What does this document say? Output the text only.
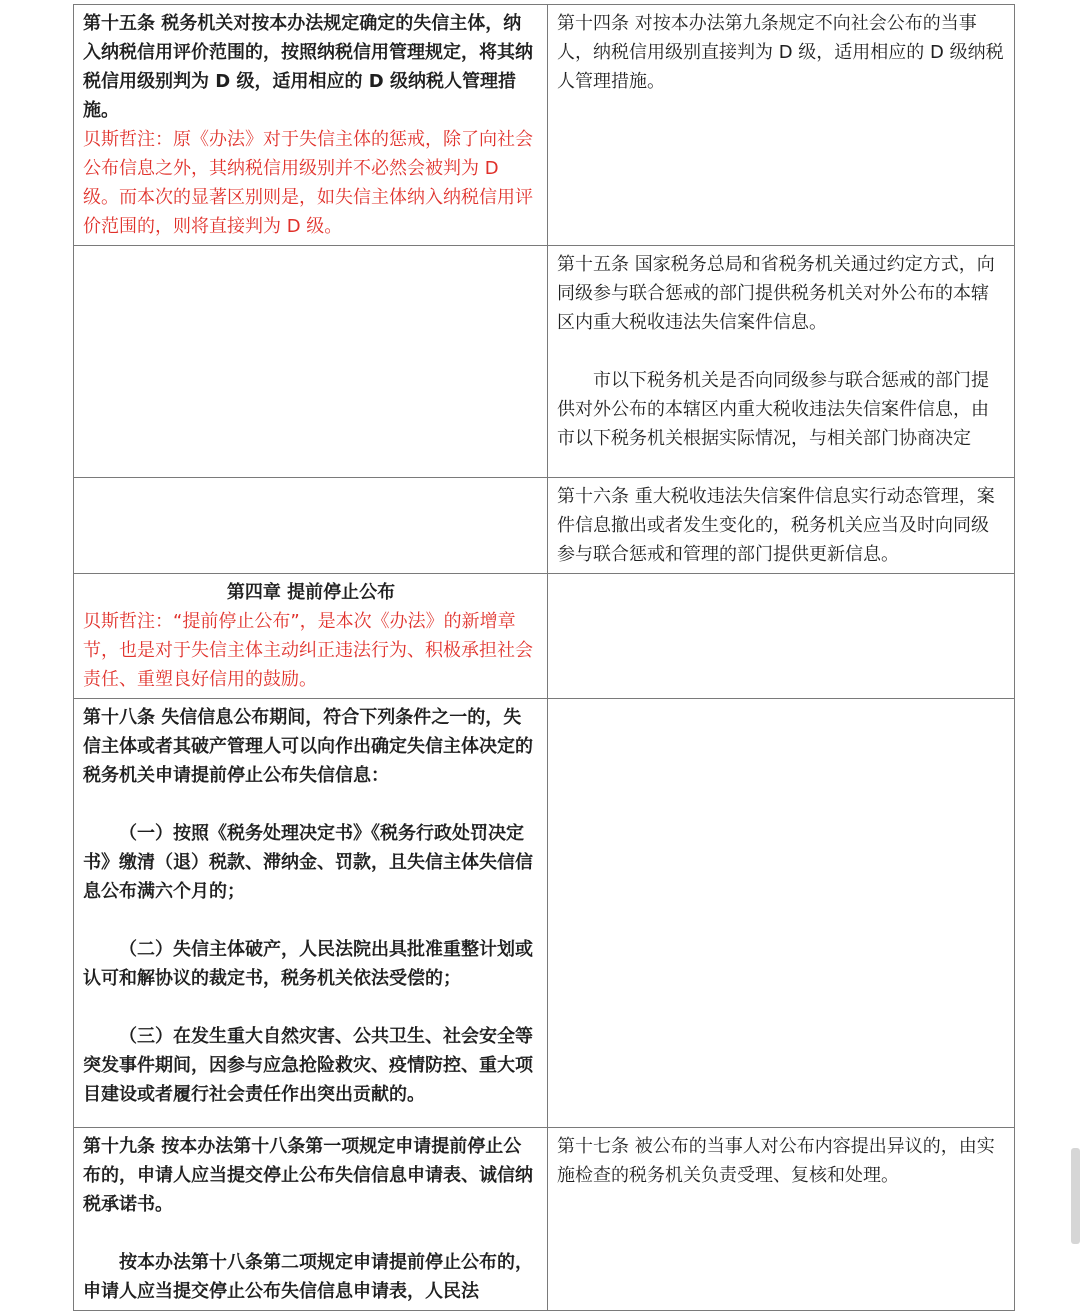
第十五条 税务机关对按本办法规定确定的失信主体，纳入纳税信用评价范围的，按照纳税信用管理规定，将其纳税信用级别判为 D 级，适用相应的 D 级纳税人管理措施。

贝斯哲注：原《办法》对于失信主体的惩戒，除了向社会公布信息之外，其纳税信用级别并不必然会被判为 D 级。而本次的显著区别则是，如失信主体纳入纳税信用评价范围的，则将直接判为 D 级。	第十四条 对按本办法第九条规定不向社会公布的当事人，纳税信用级别直接判为 D 级，适用相应的 D 级纳税人管理措施。

	第十五条 国家税务总局和省税务机关通过约定方式，向同级参与联合惩戒的部门提供税务机关对外公布的本辖区内重大税收违法失信案件信息。

市以下税务机关是否向同级参与联合惩戒的部门提供对外公布的本辖区内重大税收违法失信案件信息，由市以下税务机关根据实际情况，与相关部门协商决定

	第十六条 重大税收违法失信案件信息实行动态管理，案件信息撤出或者发生变化的，税务机关应当及时向同级参与联合惩戒和管理的部门提供更新信息。

第四章 提前停止公布

贝斯哲注：“提前停止公布”，是本次《办法》的新增章节，也是对于失信主体主动纠正违法行为、积极承担社会责任、重塑良好信用的鼓励。	

第十八条 失信信息公布期间，符合下列条件之一的，失信主体或者其破产管理人可以向作出确定失信主体决定的税务机关申请提前停止公布失信信息：

（一）按照《税务处理决定书》《税务行政处罚决定书》缴清（退）税款、滞纳金、罚款，且失信主体失信信息公布满六个月的；

（二）失信主体破产，人民法院出具批准重整计划或认可和解协议的裁定书，税务机关依法受偿的；

（三）在发生重大自然灾害、公共卫生、社会安全等突发事件期间，因参与应急抢险救灾、疫情防控、重大项目建设或者履行社会责任作出突出贡献的。	

第十九条 按本办法第十八条第一项规定申请提前停止公布的，申请人应当提交停止公布失信信息申请表、诚信纳税承诺书。

按本办法第十八条第二项规定申请提前停止公布的，申请人应当提交停止公布失信信息申请表，人民法	第十七条 被公布的当事人对公布内容提出异议的，由实施检查的税务机关负责受理、复核和处理。
